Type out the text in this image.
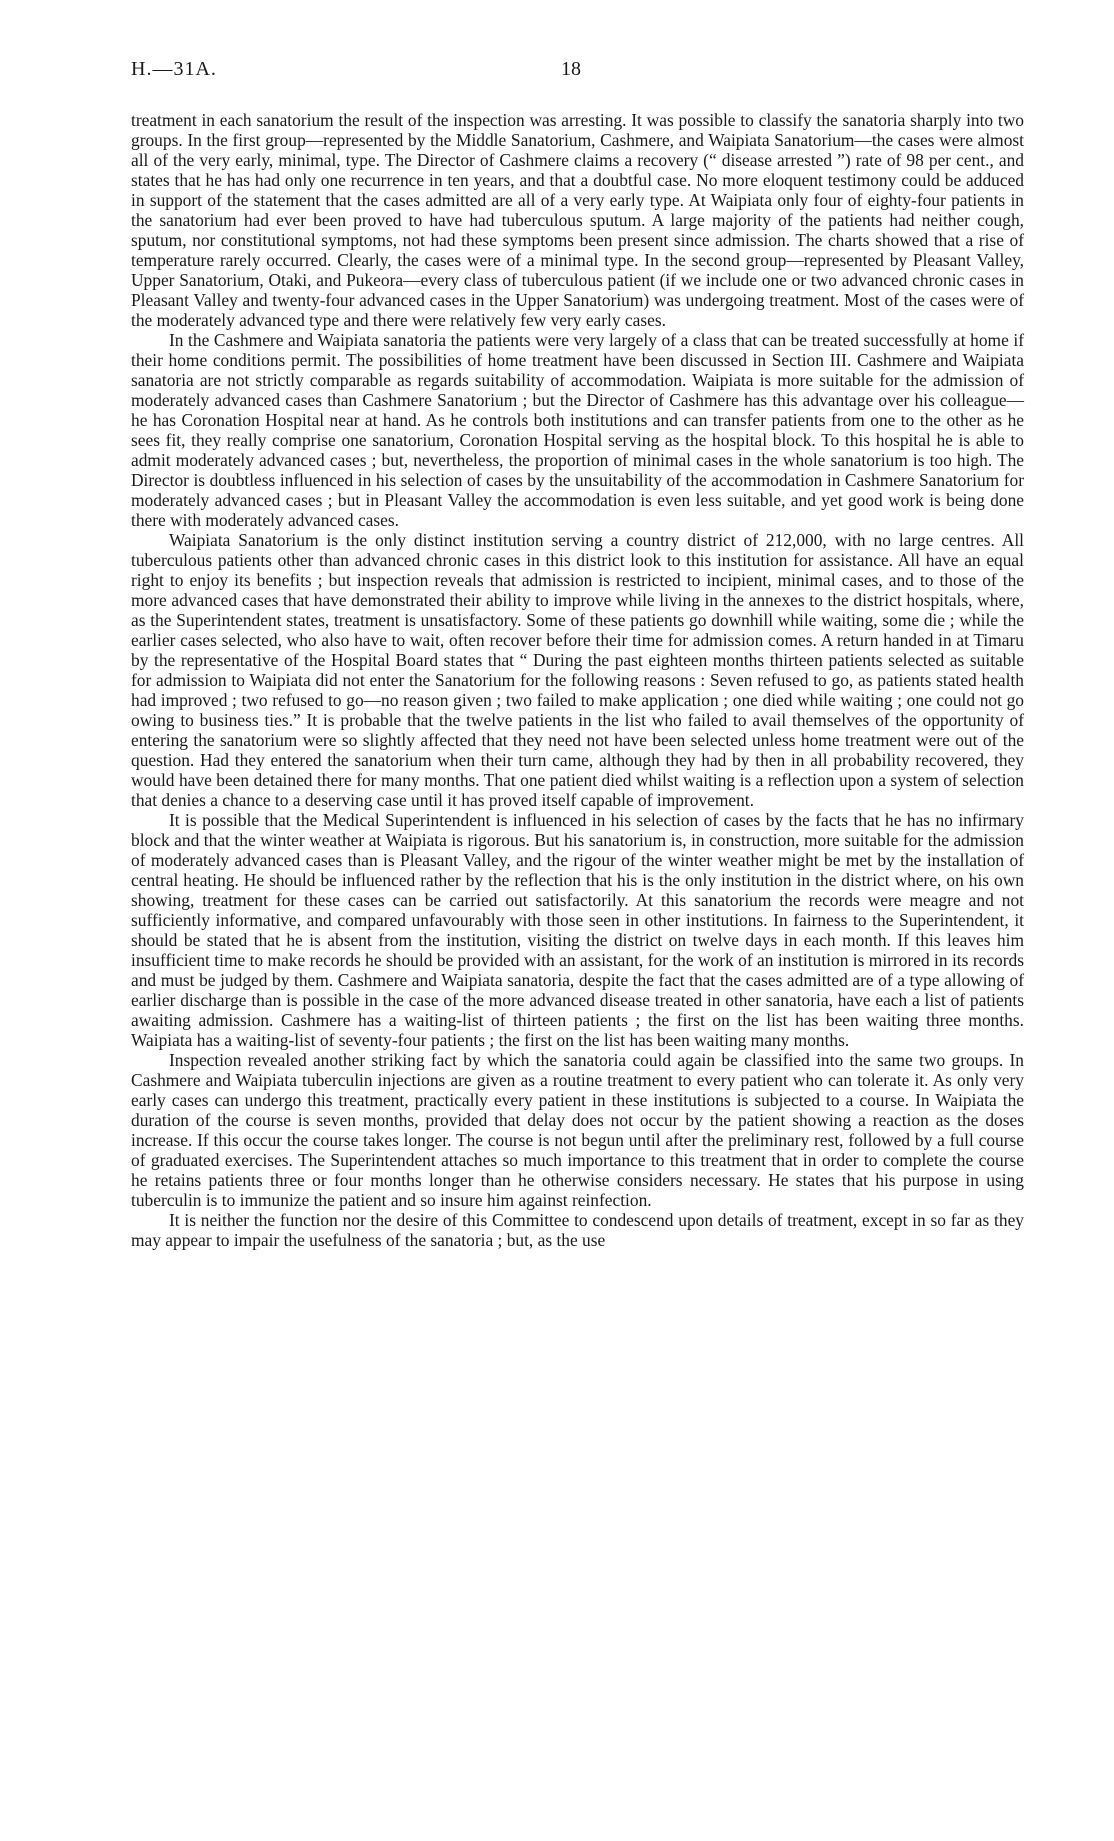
H.—31A.	18

treatment in each sanatorium the result of the inspection was arresting. It was possible to classify the sanatoria sharply into two groups. In the first group—represented by the Middle Sanatorium, Cashmere, and Waipiata Sanatorium—the cases were almost all of the very early, minimal, type. The Director of Cashmere claims a recovery (“ disease arrested ”) rate of 98 per cent., and states that he has had only one recurrence in ten years, and that a doubtful case. No more eloquent testimony could be adduced in support of the statement that the cases admitted are all of a very early type. At Waipiata only four of eighty-four patients in the sanatorium had ever been proved to have had tuberculous sputum. A large majority of the patients had neither cough, sputum, nor constitutional symptoms, not had these symptoms been present since admission. The charts showed that a rise of temperature rarely occurred. Clearly, the cases were of a minimal type. In the second group—represented by Pleasant Valley, Upper Sanatorium, Otaki, and Pukeora—every class of tuberculous patient (if we include one or two advanced chronic cases in Pleasant Valley and twenty-four advanced cases in the Upper Sanatorium) was undergoing treatment. Most of the cases were of the moderately advanced type and there were relatively few very early cases.

In the Cashmere and Waipiata sanatoria the patients were very largely of a class that can be treated successfully at home if their home conditions permit. The possibilities of home treatment have been discussed in Section III. Cashmere and Waipiata sanatoria are not strictly comparable as regards suitability of accommodation. Waipiata is more suitable for the admission of moderately advanced cases than Cashmere Sanatorium ; but the Director of Cashmere has this advantage over his colleague—he has Coronation Hospital near at hand. As he controls both institutions and can transfer patients from one to the other as he sees fit, they really comprise one sanatorium, Coronation Hospital serving as the hospital block. To this hospital he is able to admit moderately advanced cases ; but, nevertheless, the proportion of minimal cases in the whole sanatorium is too high. The Director is doubtless influenced in his selection of cases by the unsuitability of the accommodation in Cashmere Sanatorium for moderately advanced cases ; but in Pleasant Valley the accommodation is even less suitable, and yet good work is being done there with moderately advanced cases.

Waipiata Sanatorium is the only distinct institution serving a country district of 212,000, with no large centres. All tuberculous patients other than advanced chronic cases in this district look to this institution for assistance. All have an equal right to enjoy its benefits ; but inspection reveals that admission is restricted to incipient, minimal cases, and to those of the more advanced cases that have demonstrated their ability to improve while living in the annexes to the district hospitals, where, as the Superintendent states, treatment is unsatisfactory. Some of these patients go downhill while waiting, some die ; while the earlier cases selected, who also have to wait, often recover before their time for admission comes. A return handed in at Timaru by the representative of the Hospital Board states that “ During the past eighteen months thirteen patients selected as suitable for admission to Waipiata did not enter the Sanatorium for the following reasons : Seven refused to go, as patients stated health had improved ; two refused to go—no reason given ; two failed to make application ; one died while waiting ; one could not go owing to business ties.” It is probable that the twelve patients in the list who failed to avail themselves of the opportunity of entering the sanatorium were so slightly affected that they need not have been selected unless home treatment were out of the question. Had they entered the sanatorium when their turn came, although they had by then in all probability recovered, they would have been detained there for many months. That one patient died whilst waiting is a reflection upon a system of selection that denies a chance to a deserving case until it has proved itself capable of improvement.

It is possible that the Medical Superintendent is influenced in his selection of cases by the facts that he has no infirmary block and that the winter weather at Waipiata is rigorous. But his sanatorium is, in construction, more suitable for the admission of moderately advanced cases than is Pleasant Valley, and the rigour of the winter weather might be met by the installation of central heating. He should be influenced rather by the reflection that his is the only institution in the district where, on his own showing, treatment for these cases can be carried out satisfactorily. At this sanatorium the records were meagre and not sufficiently informative, and compared unfavourably with those seen in other institutions. In fairness to the Superintendent, it should be stated that he is absent from the institution, visiting the district on twelve days in each month. If this leaves him insufficient time to make records he should be provided with an assistant, for the work of an institution is mirrored in its records and must be judged by them. Cashmere and Waipiata sanatoria, despite the fact that the cases admitted are of a type allowing of earlier discharge than is possible in the case of the more advanced disease treated in other sanatoria, have each a list of patients awaiting admission. Cashmere has a waiting-list of thirteen patients ; the first on the list has been waiting three months. Waipiata has a waiting-list of seventy-four patients ; the first on the list has been waiting many months.

Inspection revealed another striking fact by which the sanatoria could again be classified into the same two groups. In Cashmere and Waipiata tuberculin injections are given as a routine treatment to every patient who can tolerate it. As only very early cases can undergo this treatment, practically every patient in these institutions is subjected to a course. In Waipiata the duration of the course is seven months, provided that delay does not occur by the patient showing a reaction as the doses increase. If this occur the course takes longer. The course is not begun until after the preliminary rest, followed by a full course of graduated exercises. The Superintendent attaches so much importance to this treatment that in order to complete the course he retains patients three or four months longer than he otherwise considers necessary. He states that his purpose in using tuberculin is to immunize the patient and so insure him against reinfection.

It is neither the function nor the desire of this Committee to condescend upon details of treatment, except in so far as they may appear to impair the usefulness of the sanatoria ; but, as the use
